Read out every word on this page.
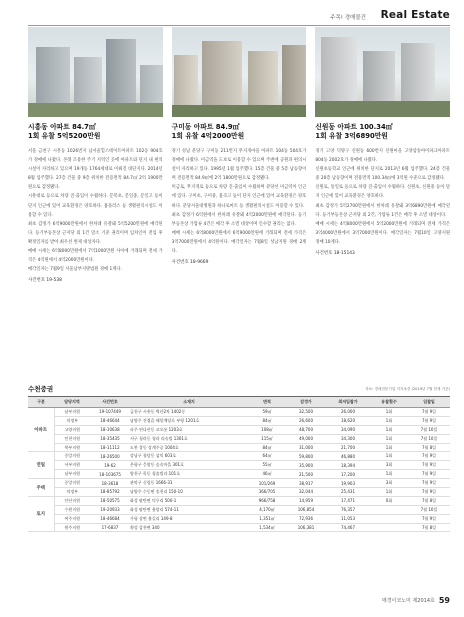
주목! 경매물건 Real Estate
시흥동 아파트 84.7㎡
1회 유찰 5억5200만원

서울 금천구 시흥동 1026번지 남서울힐스테이트아파트 102동 904호가 경매에 나왔다. 본래 조용한 주거 지역인 곳에 아파트와 단지 내 편의시설이 자리하고 있으며 19개동 1764세대로 이뤄진 대단지다. 2014년 8월 입주했다. 27층 건물 중 9층 위치한 전용면적 84.7㎡ 2억 1900만원으로 감정됐다.

시흥대로 등으로 차량 진·출입이 수월하다. 문복초, 문일중, 문일고 등이 단지 인근에 있어 교육환경은 양호하다. 홈플러스 등 생활편의시설도 이용할 수 있다.

최초 감정가 6억9000만원에서 한차례 유찰돼 5억5200만원에 매각된다. 등기부등본상 근저당 외 1건 말소 기준 권리이며 임차인이 전입 후 확정일자를 받아 최우선 변제 대상자다.

매매 시세는 6억8000만원에서 7억1000만원 사이에 거래되며 전세 가격은 4억원에서 4억2000만원이다.

매각일자는 7월9일 서울남부지방법원 경매 1계다.

사건번호 19-538
구미동 아파트 84.9㎡
1회 유찰 4억2000만원

경기 성남 분당구 구미동 211번지 무지개마을 아파트 104동 504호가 경매에 나왔다. 미금역을 도보로 이용할 수 있으며 주변에 공원과 편의시설이 자리하고 있다. 1995년 1월 입주했다. 15층 건물 중 5층 남동향이며 전용면적 84.9㎡에 2억 1800만원으로 감정됐다.

미금로, 무지개로 등으로 차량 진·출입이 수월하며 분당선 미금역이 인근에 있다. 구미초, 구미중, 불곡고 등이 단지 인근에 있어 교육환경은 양호하다. 분당서울대병원과 하나로마트 등 생활편의시설도 이용할 수 있다.

최초 감정가 6억원에서 한차례 유찰돼 4억2000만원에 매각된다. 등기부등본상 가압류 4건은 매각 후 소멸 대상이며 인수할 권리는 없다.

매매 시세는 6억8000만원에서 6억9000만원에 거래되며 전세 가격은 3억7000만원에서 4억원이다. 매각일자는 7월8일 성남지원 경매 2계다.

사건번호 18-9669
신원동 아파트 100.34㎡
1회 유찰 3억6890만원

경기 고양 덕양구 신원동 600번지 신원마을 고양삼송아이파크아파트 804동 2002호가 경매에 나왔다.

신원초등학교 인근에 위치한 단지로 2013년 6월 입주했다. 24층 건물 중 20층 남동향이며 전용면적 100.34㎡에 3억원 수준으로 감정됐다.

신원로, 통일로 등으로 차량 진·출입이 수월하다. 신원초, 신원중 등이 단지 인근에 있어 교육환경은 양호하다.

최초 감정가 5억2700만원에서 한차례 유찰돼 3억6890만원에 매각된다. 등기부등본상 근저당 외 2건, 가압류 1건은 매각 후 소멸 대상이다.

매매 시세는 4억8000만원에서 5억2000만원에 거래되며 전세 가격은 3억4000만원에서 3억7000만원이다. 매각일자는 7월10일 고양지원 경매 10계다.

사건번호 18-15143
수천중권	자료: 경매전문기업 지지옥션 (2019년 7월 현재 기준)
구분	담당지역	사건번호	소재지	면적	감정가	최저입찰가	유찰횟수	입찰일
아파트	남부지원	19-107449	금천구 시흥동 벽산2차 1402동	59㎡	32,500	26,000	1회	7월 9일
	의정부	18-46644	남양주 진접읍 해밀예당로 부영 1201호	84㎡	26,600	18,620	1회	7월 9일
	고양지원	18-10638	파주 연다산동 코오롱 1203호	108㎡	48,700	34,090	1회	7월 10일
	인천지원	18-35435	서구 청라동 청라 리슈빌 1301호	115㎡	49,000	34,300	1회	7월 10일
	북부지원	18-11112	도봉 창동 상계주공 1004호	84㎡	31,000	21,700	1회	7월 8일
연립	중앙지원	18-26500	강남구 청담동 삼익 603호	64㎡	59,800	46,880	1회	7월 9일
	서부지원	19-62	은평구 응암동 숲속마을 301호	55㎡	35,900	18,394	3회	7월 9일
	남부지원	18-103675	양천구 목동 청솔빌라 101호	46㎡	21,500	17,200	1회	7월 9일
주택	중앙지원	18-3618	관악구 신림동 1666-31	101/269	38,917	19,903	3회	7월 9일
	의정부	18-85792	남양주 수동면 송천리 150-10	366/705	32,044	25,431	1회	7월 9일
토지	안산지원	18-50575	화성 팔탄면 덕우리 500-1	966/758	14,959	17,471	0회	7월 8일
	수원지원	19-20933	화성 팔탄면 율암리 574-11	4,170㎡	106,854	76,357		7월 10일
	여주지원	18-46684	가평 상면 율길리 149-8	1,351㎡	72,936	11,053		7월 9일
	원주지원	17-6837	횡성 갑천면 340	1,534㎡	106,381	74,467		7월 8일
매경이코노미 제2014호 59
